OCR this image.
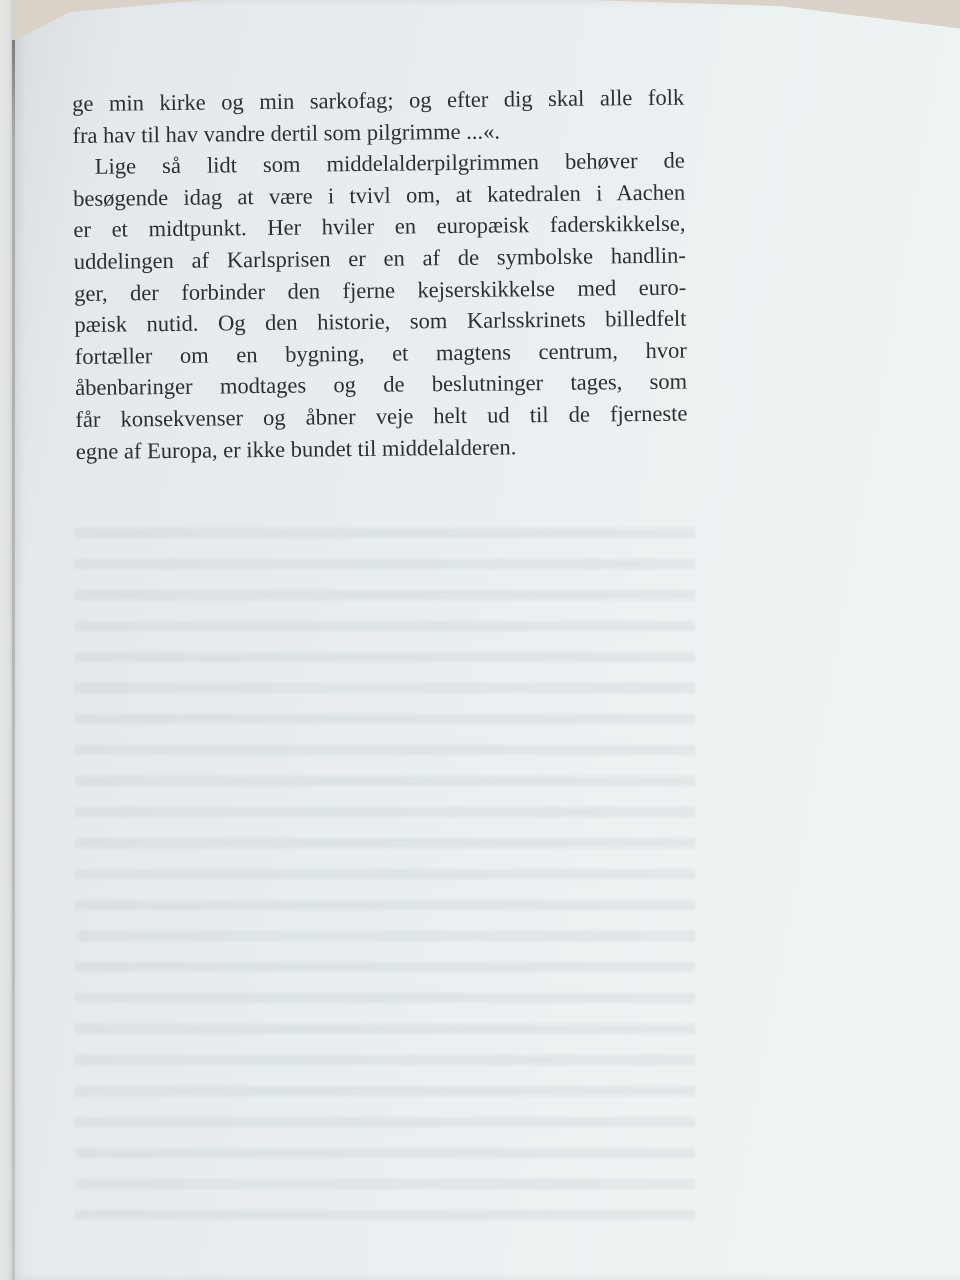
ge min kirke og min sarkofag; og efter dig skal alle folk
fra hav til hav vandre dertil som pilgrimme ...«.
Lige så lidt som middelalderpilgrimmen behøver de
besøgende idag at være i tvivl om, at katedralen i Aachen
er et midtpunkt. Her hviler en europæisk faderskikkelse,
uddelingen af Karlsprisen er en af de symbolske handlin-
ger, der forbinder den fjerne kejserskikkelse med euro-
pæisk nutid. Og den historie, som Karlsskrinets billedfelt
fortæller om en bygning, et magtens centrum, hvor
åbenbaringer modtages og de beslutninger tages, som
får konsekvenser og åbner veje helt ud til de fjerneste
egne af Europa, er ikke bundet til middelalderen.
